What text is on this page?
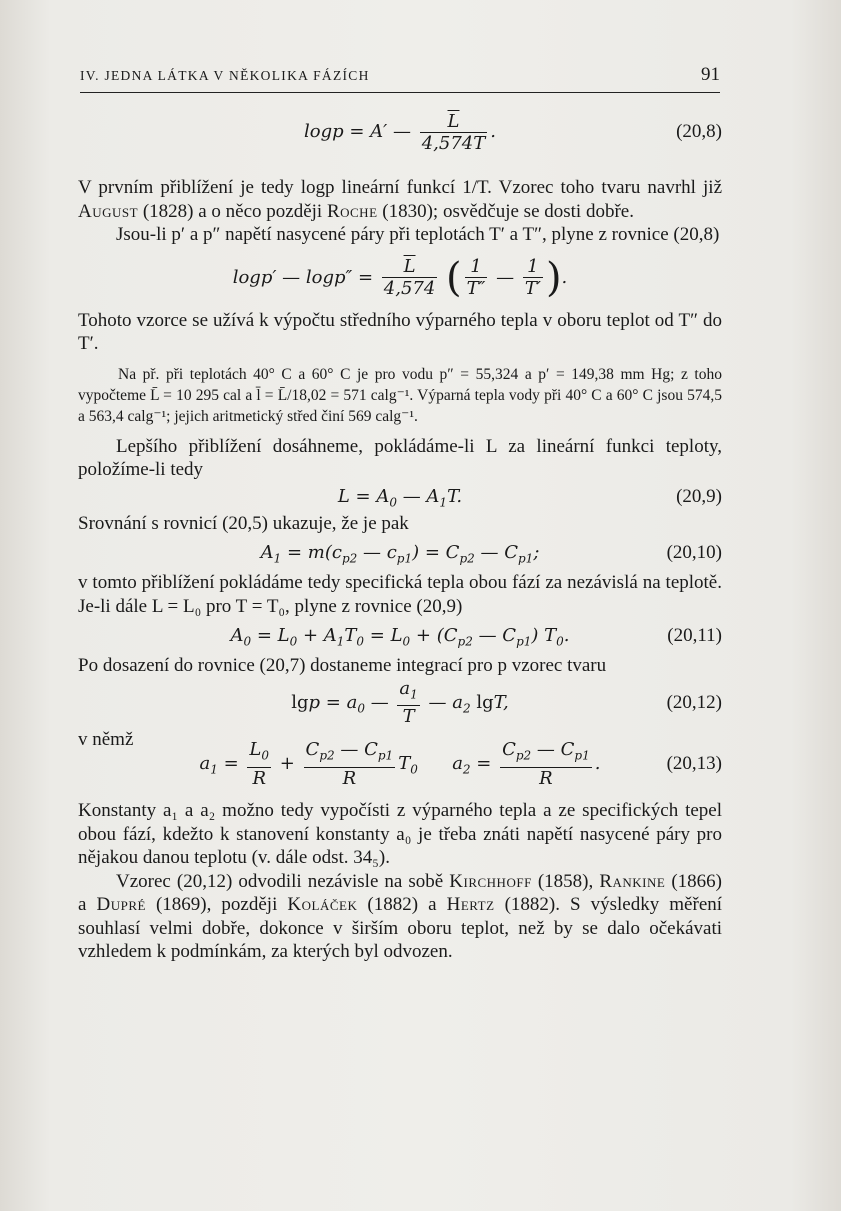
IV. JEDNA LÁTKA V NĚKOLIKA FÁZÍCH	91
logp = A′ — $\frac{\overline{L}}{4,574T}$ .	(20,8)

V prvním přiblížení je tedy logp lineární funkcí 1/T. Vzorec toho tvaru navrhl již August (1828) a o něco později Roche (1830); osvědčuje se dosti dobře.

Jsou-li p′ a p″ napětí nasycené páry při teplotách T′ a T″, plyne z rovnice (20,8)

logp′ — $\log p'' = \frac{\overline{L}}{4,574}$ ( $\frac{1}{T''}$ — $\frac{1}{T'}$ ).

Tohoto vzorce se užívá k výpočtu středního výparného tepla v oboru teplot od T″ do T′.

Na př. při teplotách 40° C a 60° C je pro vodu p″ = 55,324 a p′ = 149,38 mm Hg; z toho vypočteme L̄ = 10 295 cal a l̄ = L̄/18,02 = 571 calg⁻¹. Výparná tepla vody při 40° C a 60° C jsou 574,5 a 563,4 calg⁻¹; jejich aritmetický střed činí 569 calg⁻¹.

Lepšího přiblížení dosáhneme, pokládáme-li L za lineární funkci teploty, položíme-li tedy

$L = A_0$ — $A_1T$.	(20,9)

Srovnání s rovnicí (20,5) ukazuje, že je pak

$A_1 = m(c_{p2}$ — $c_{p1}) = C_{p2}$ — $C_{p1}$;	(20,10)

v tomto přiblížení pokládáme tedy specifická tepla obou fází za nezávislá na teplotě. Je-li dále L = L₀ pro T = T₀, plyne z rovnice (20,9)

$A_0 = L_0 + A_1T_0 = L_0 + (C_{p2}$ — $C_{p1}$) $T_0$.	(20,11)

Po dosazení do rovnice (20,7) dostaneme integrací pro p vzorec tvaru

$\lg p = a_0$ — $\frac{a_1}{T}$ — $a_2$ lgT,	(20,12)

v němž

$a_1 = \frac{L_0}{R} + \frac{C_{p2} — C_{p1}}{R} T_0$      $a_2 = \frac{C_{p2} — C_{p1}}{R}$ .	(20,13)

Konstanty a₁ a a₂ možno tedy vypočísti z výparného tepla a ze specifických tepel obou fází, kdežto k stanovení konstanty a₀ je třeba znáti napětí nasycené páry pro nějakou danou teplotu (v. dále odst. 34₅).

Vzorec (20,12) odvodili nezávisle na sobě Kirchhoff (1858), Rankine (1866) a Dupré (1869), později Koláček (1882) a Hertz (1882). S výsledky měření souhlasí velmi dobře, dokonce v širším oboru teplot, než by se dalo očekávati vzhledem k podmínkám, za kterých byl odvozen.
